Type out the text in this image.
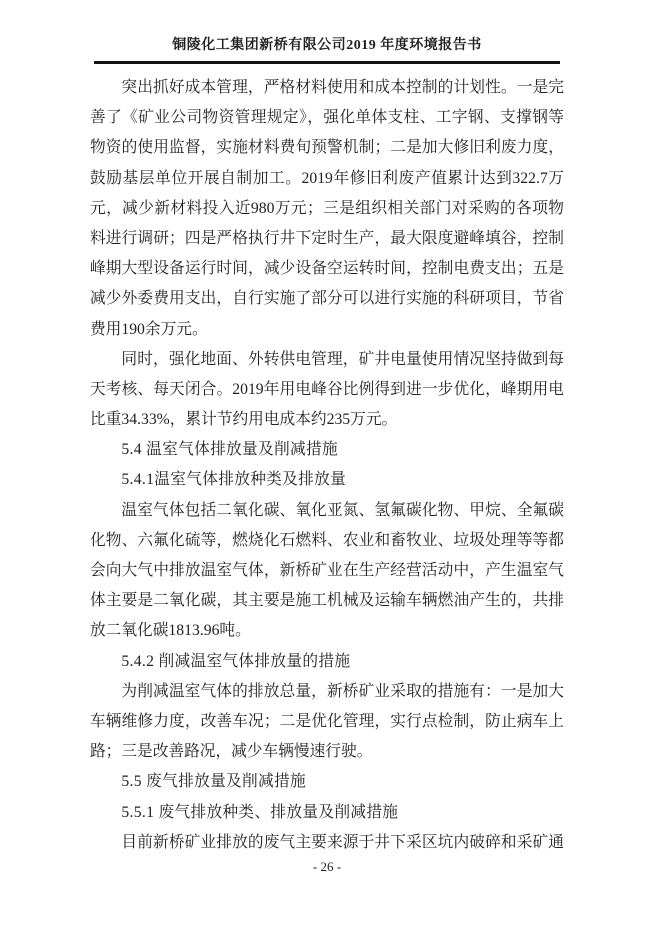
铜陵化工集团新桥有限公司2019 年度环境报告书
突出抓好成本管理，严格材料使用和成本控制的计划性。一是完
善了《矿业公司物资管理规定》，强化单体支柱、工字钢、支撑钢等
物资的使用监督，实施材料费旬预警机制；二是加大修旧利废力度，
鼓励基层单位开展自制加工。2019年修旧利废产值累计达到322.7万
元，减少新材料投入近980万元；三是组织相关部门对采购的各项物
料进行调研；四是严格执行井下定时生产，最大限度避峰填谷，控制
峰期大型设备运行时间，减少设备空运转时间，控制电费支出；五是
减少外委费用支出，自行实施了部分可以进行实施的科研项目，节省
费用190余万元。
同时，强化地面、外转供电管理，矿井电量使用情况坚持做到每
天考核、每天闭合。2019年用电峰谷比例得到进一步优化，峰期用电
比重34.33%，累计节约用电成本约235万元。
5.4 温室气体排放量及削减措施
5.4.1温室气体排放种类及排放量
温室气体包括二氧化碳、氧化亚氮、氢氟碳化物、甲烷、全氟碳
化物、六氟化硫等，燃烧化石燃料、农业和畜牧业、垃圾处理等等都
会向大气中排放温室气体，新桥矿业在生产经营活动中，产生温室气
体主要是二氧化碳，其主要是施工机械及运输车辆燃油产生的，共排
放二氧化碳1813.96吨。
5.4.2 削减温室气体排放量的措施
为削减温室气体的排放总量，新桥矿业采取的措施有：一是加大
车辆维修力度，改善车况；二是优化管理，实行点检制，防止病车上
路；三是改善路况，减少车辆慢速行驶。
5.5 废气排放量及削减措施
5.5.1 废气排放种类、排放量及削减措施
目前新桥矿业排放的废气主要来源于井下采区坑内破碎和采矿通
- 26 -
